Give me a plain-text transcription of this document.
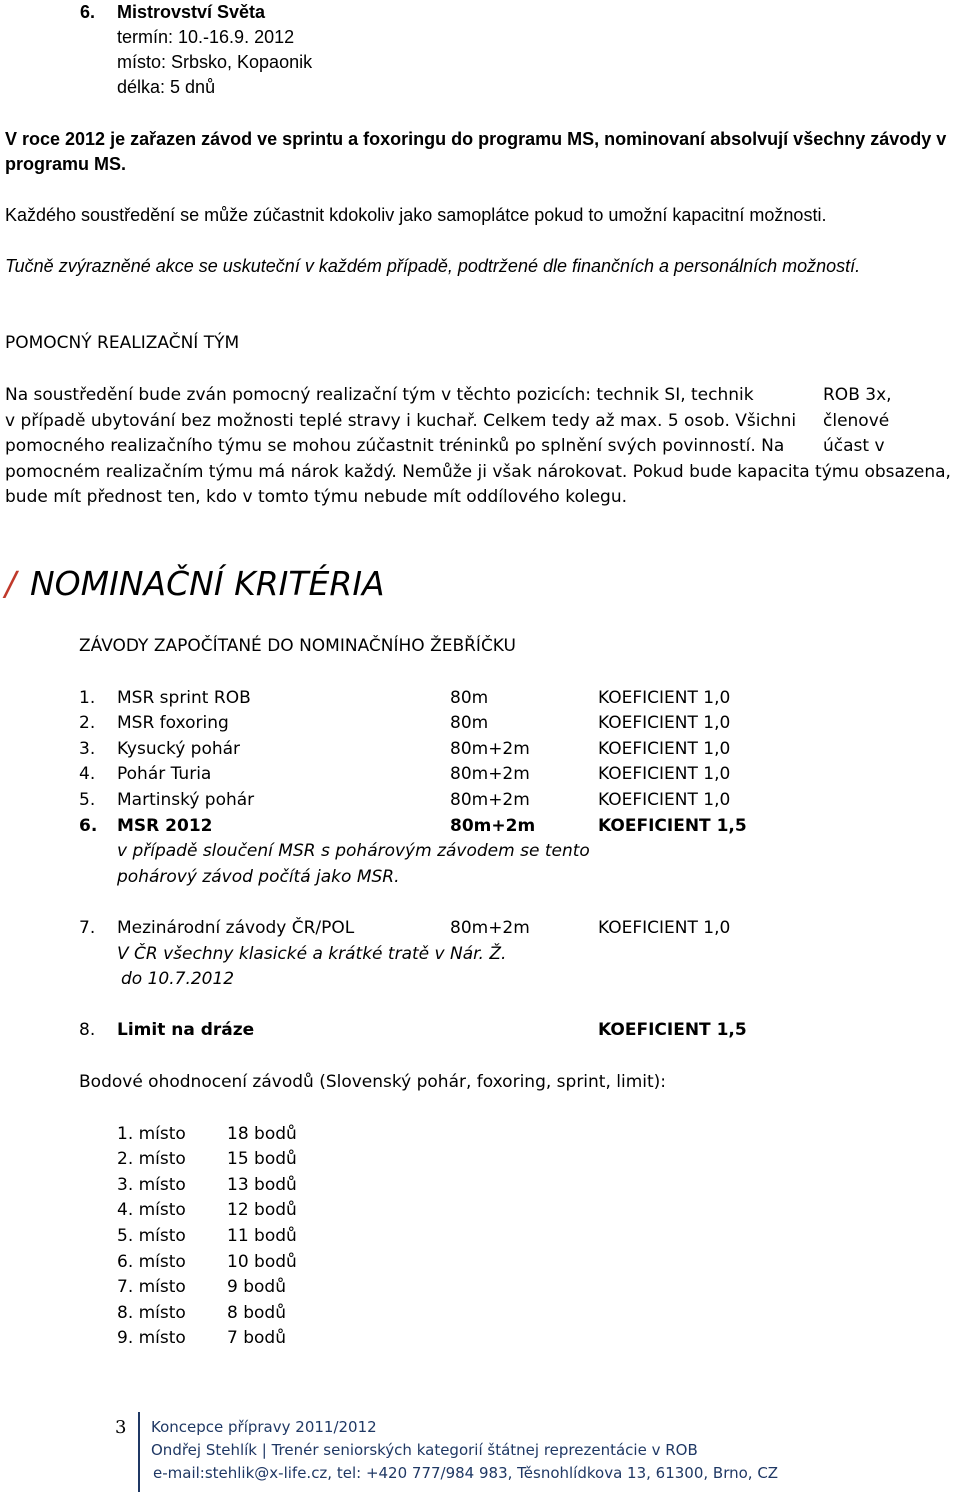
6. Mistrovství Světa
termín: 10.-16.9. 2012
místo: Srbsko, Kopaonik
délka: 5 dnů
V roce 2012 je zařazen závod ve sprintu a foxoringu do programu MS, nominovaní absolvují všechny závody v
programu MS.
Každého soustředění se může zúčastnit kdokoliv jako samoplátce pokud to umožní kapacitní možnosti.
Tučně zvýrazněné akce se uskuteční v každém případě, podtržené dle finančních a personálních možností.
POMOCNÝ REALIZAČNÍ TÝM
Na soustředění bude zván pomocný realizační tým v těchto pozicích: technik SI, technik	ROB 3x,
v případě ubytování bez možnosti teplé stravy i kuchař. Celkem tedy až max. 5 osob. Všichni členové
pomocného realizačního týmu se mohou zúčastnit tréninků po splnění svých povinností. Na účast v
pomocném realizačním týmu má nárok každý. Nemůže ji však nárokovat. Pokud bude kapacita týmu obsazena,
bude mít přednost ten, kdo v tomto týmu nebude mít oddílového kolegu.
/ NOMINAČNÍ KRITÉRIA
ZÁVODY ZAPOČÍTANÉ DO NOMINAČNÍHO ŽEBŘÍČKU
1. MSR sprint ROB	80m	KOEFICIENT 1,0
2. MSR foxoring	80m	KOEFICIENT 1,0
3. Kysucký pohár	80m+2m	KOEFICIENT 1,0
4. Pohár Turia	80m+2m	KOEFICIENT 1,0
5. Martinský pohár	80m+2m	KOEFICIENT 1,0
6. MSR 2012	80m+2m	KOEFICIENT 1,5
v případě sloučení MSR s pohárovým závodem se tento
pohárový závod počítá jako MSR.
7. Mezinárodní závody ČR/POL	80m+2m	KOEFICIENT 1,0
V ČR všechny klasické a krátké tratě v Nár. Ž.
do 10.7.2012
8. Limit na dráze	KOEFICIENT 1,5
Bodové ohodnocení závodů (Slovenský pohár, foxoring, sprint, limit):
1. místo 18 bodů
2. místo 15 bodů
3. místo 13 bodů
4. místo 12 bodů
5. místo 11 bodů
6. místo 10 bodů
7. místo 9 bodů
8. místo 8 bodů
9. místo 7 bodů
3 Koncepce přípravy 2011/2012
Ondřej Stehlík | Trenér seniorských kategorií štátnej reprezentácie v ROB
e-mail:stehlik@x-life.cz, tel: +420 777/984 983, Těsnohlídkova 13, 61300, Brno, CZ
